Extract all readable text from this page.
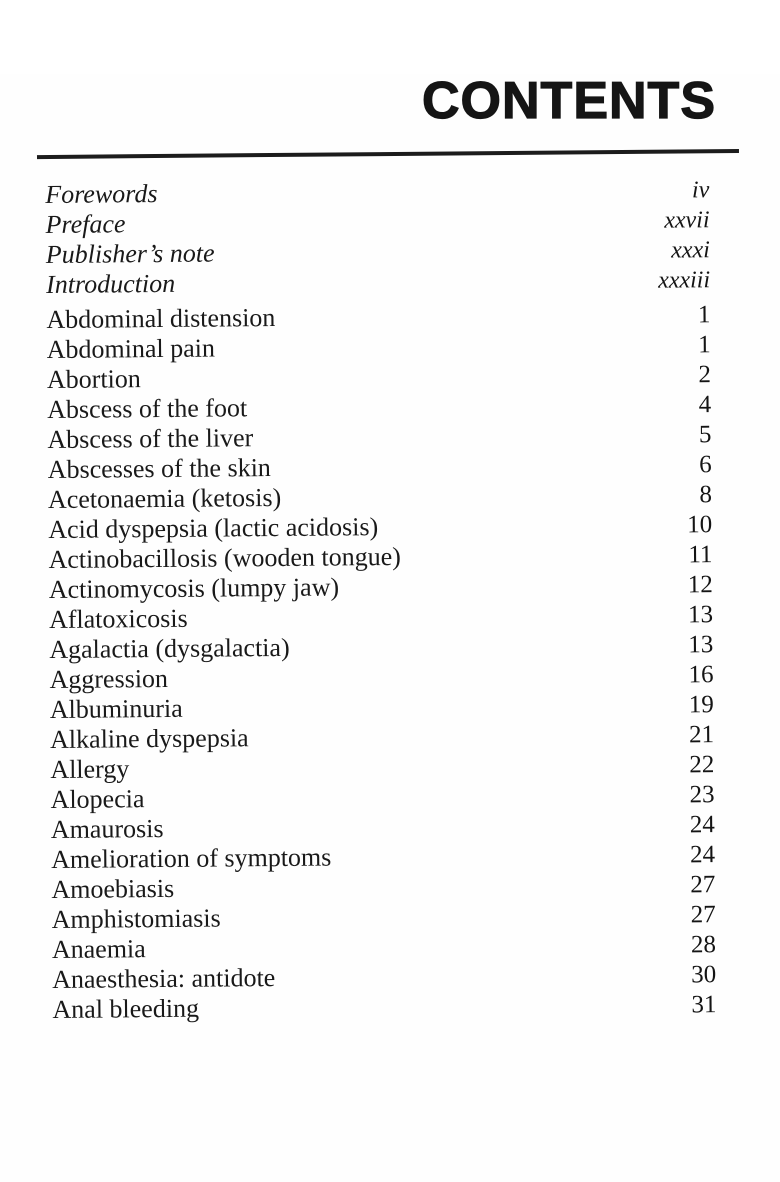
CONTENTS
Forewords	iv
Preface	xxvii
Publisher’s note	xxxi
Introduction	xxxiii
Abdominal distension	1
Abdominal pain	1
Abortion	2
Abscess of the foot	4
Abscess of the liver	5
Abscesses of the skin	6
Acetonaemia (ketosis)	8
Acid dyspepsia (lactic acidosis)	10
Actinobacillosis (wooden tongue)	11
Actinomycosis (lumpy jaw)	12
Aflatoxicosis	13
Agalactia (dysgalactia)	13
Aggression	16
Albuminuria	19
Alkaline dyspepsia	21
Allergy	22
Alopecia	23
Amaurosis	24
Amelioration of symptoms	24
Amoebiasis	27
Amphistomiasis	27
Anaemia	28
Anaesthesia: antidote	30
Anal bleeding	31
